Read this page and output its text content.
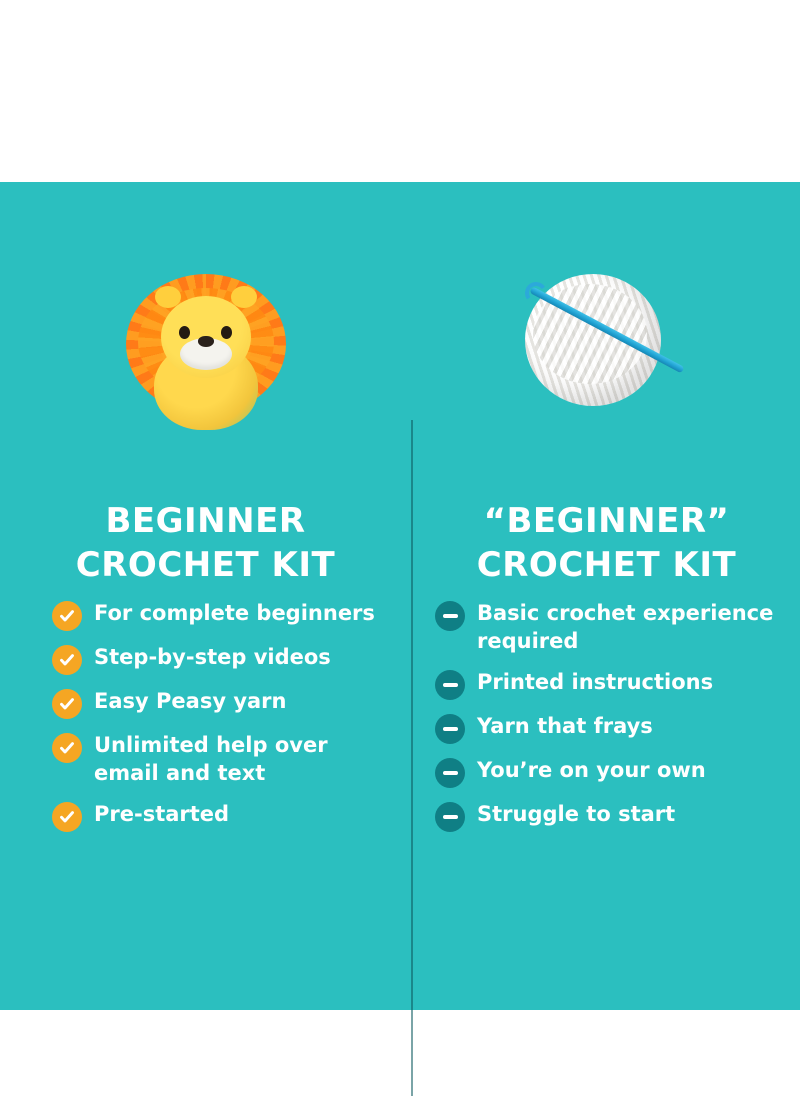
BEGINNER
CROCHET KIT
For complete beginners
Step-by-step videos
Easy Peasy yarn
Unlimited help over email and text
Pre-started
“BEGINNER”
CROCHET KIT
Basic crochet experience required
Printed instructions
Yarn that frays
You’re on your own
Struggle to start
